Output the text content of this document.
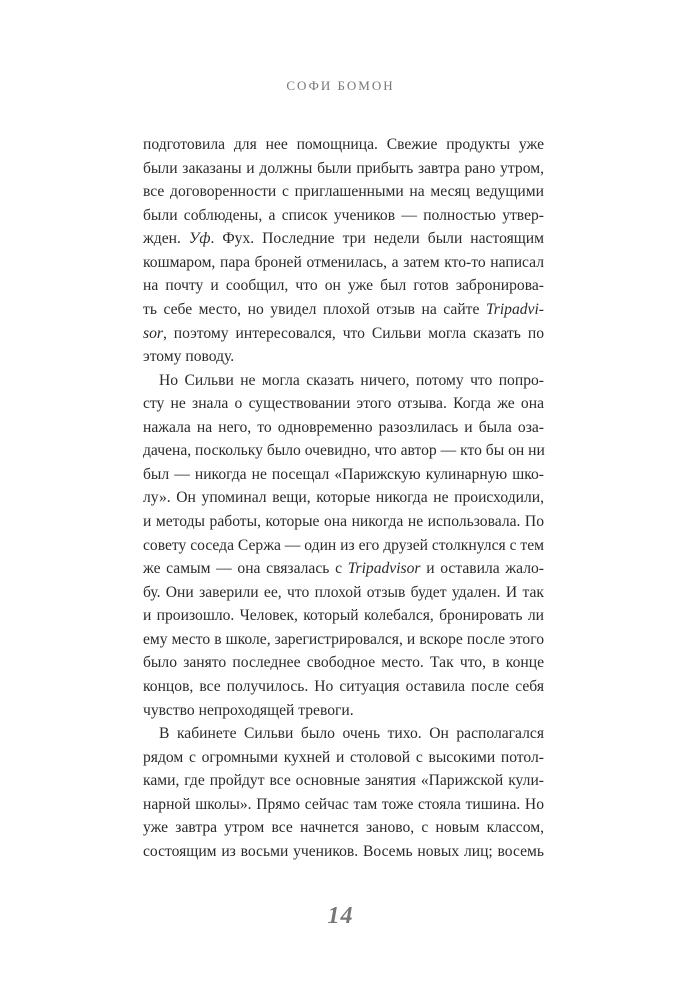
СОФИ БОМОН
подготовила для нее помощница. Свежие продукты уже
были заказаны и должны были прибыть завтра рано утром,
все договоренности с приглашенными на месяц ведущими
были соблюдены, а список учеников — полностью утвер-
жден. Уф. Фух. Последние три недели были настоящим
кошмаром, пара броней отменилась, а затем кто-то написал
на почту и сообщил, что он уже был готов забронирова-
ть себе место, но увидел плохой отзыв на сайте Tripadvi-
sor, поэтому интересовался, что Сильви могла сказать по
этому поводу.
Но Сильви не могла сказать ничего, потому что попро-
сту не знала о существовании этого отзыва. Когда же она
нажала на него, то одновременно разозлилась и была оза-
дачена, поскольку было очевидно, что автор — кто бы он ни
был — никогда не посещал «Парижскую кулинарную шко-
лу». Он упоминал вещи, которые никогда не происходили,
и методы работы, которые она никогда не использовала. По
совету соседа Сержа — один из его друзей столкнулся с тем
же самым — она связалась с Tripadvisor и оставила жало-
бу. Они заверили ее, что плохой отзыв будет удален. И так
и произошло. Человек, который колебался, бронировать ли
ему место в школе, зарегистрировался, и вскоре после этого
было занято последнее свободное место. Так что, в конце
концов, все получилось. Но ситуация оставила после себя
чувство непроходящей тревоги.
В кабинете Сильви было очень тихо. Он располагался
рядом с огромными кухней и столовой с высокими потол-
ками, где пройдут все основные занятия «Парижской кули-
нарной школы». Прямо сейчас там тоже стояла тишина. Но
уже завтра утром все начнется заново, с новым классом,
состоящим из восьми учеников. Восемь новых лиц; восемь
14
